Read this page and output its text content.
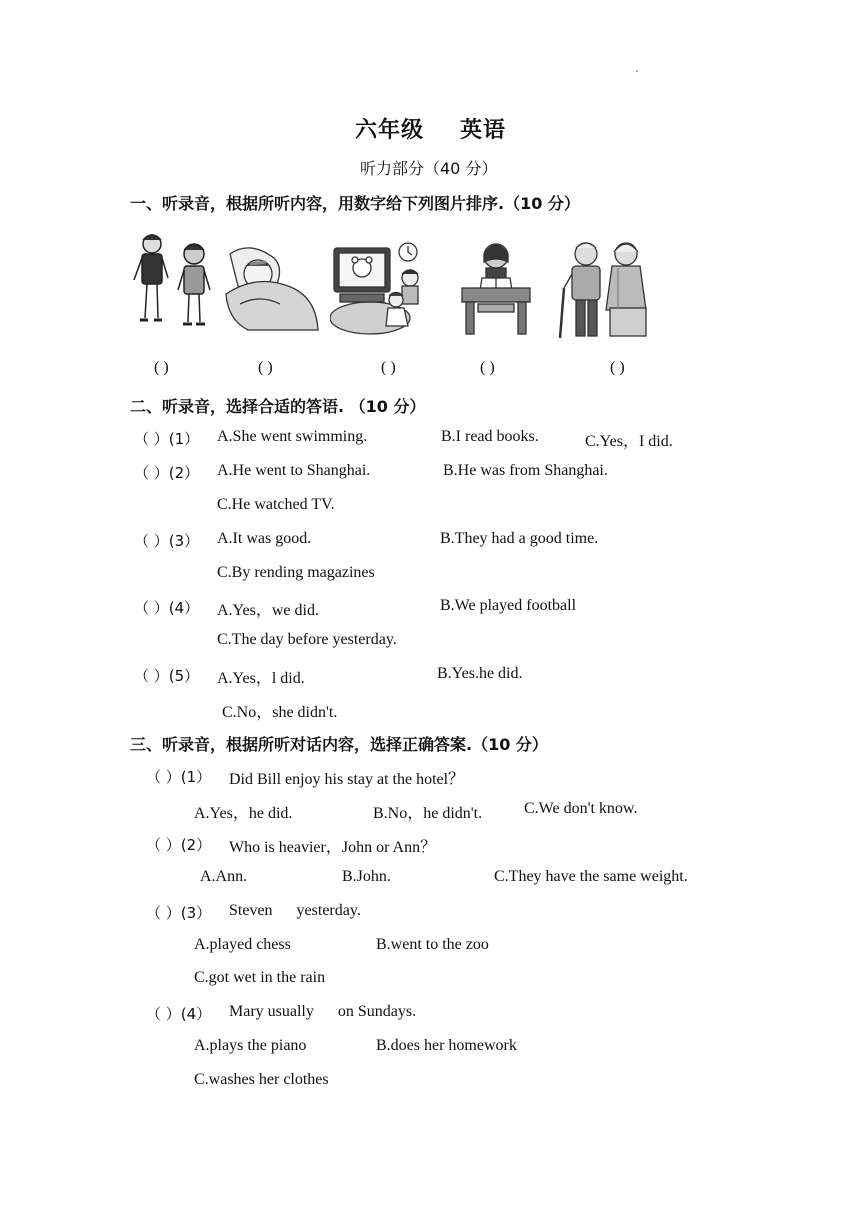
六年级 英语
听力部分（40 分）
一、听录音，根据所听内容，用数字给下列图片排序.（10 分）
( )	( )	( )	( )	( )
二、听录音，选择合适的答语. （10 分）
（ ）(1） A.She went swimming.	B.I read books.	C.Yes，I did.
（ ）(2） A.He went to Shanghai.	B.He was from Shanghai.
C.He watched TV.
（ ）(3） A.It was good.	B.They had a good time.
C.By rending magazines
（ ）(4） A.Yes，we did.	B.We played football
C.The day before yesterday.
（ ）(5） A.Yes，l did.	B.Yes.he did.
C.No，she didn't.
三、听录音，根据所听对话内容，选择正确答案.（10 分）
（ ）(1） Did Bill enjoy his stay at the hotel？
A.Yes，he did.	B.No，he didn't.	C.We don't know.
（ ）(2） Who is heavier，John or Ann？
A.Ann.	B.John.	C.They have the same weight.
（ ）(3） Steven      yesterday.
A.played chess	B.went to the zoo
C.got wet in the rain
（ ）(4） Mary usually      on Sundays.
A.plays the piano	B.does her homework
C.washes her clothes
